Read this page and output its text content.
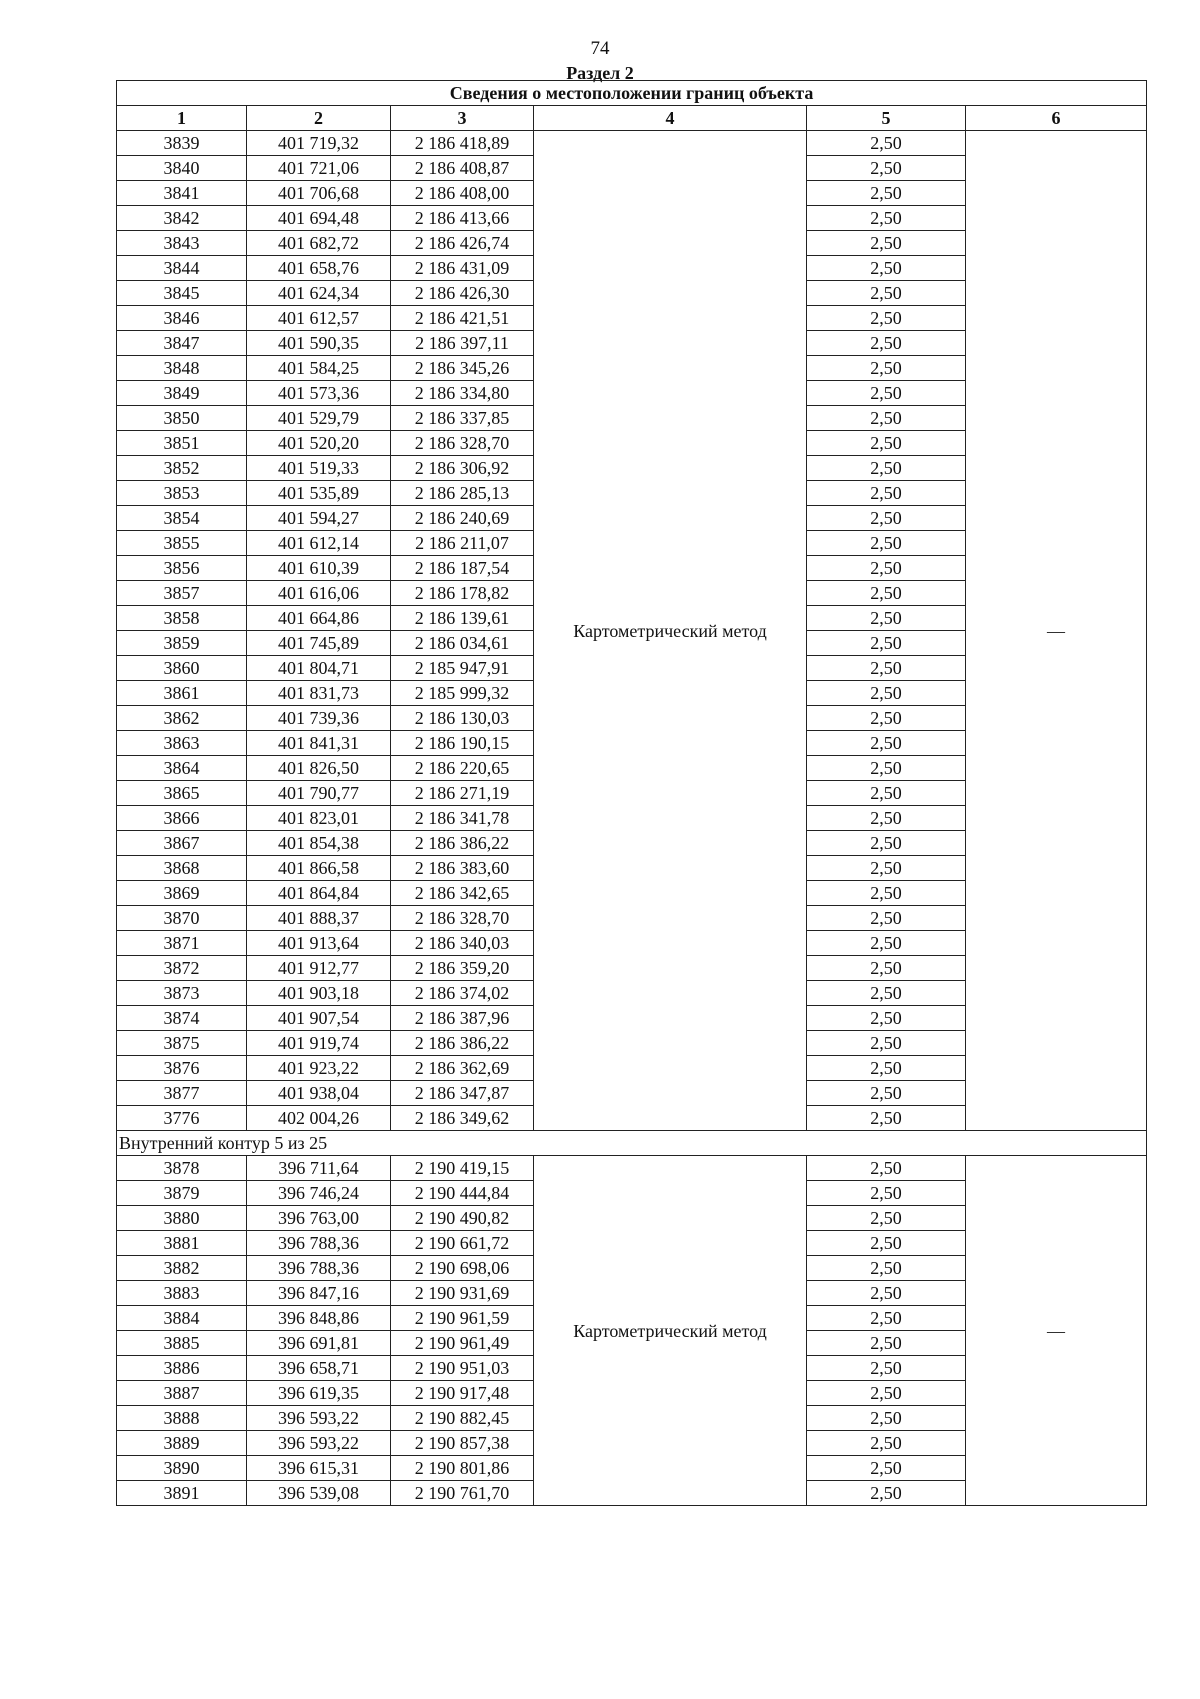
74
Раздел 2
Сведения о местоположении границ объекта					
1	2	3	4	5	6
3839	401 719,32	2 186 418,89	Картометрический метод	2,50	—
3840	401 721,06	2 186 408,87		2,50	
3841	401 706,68	2 186 408,00		2,50	
3842	401 694,48	2 186 413,66		2,50	
3843	401 682,72	2 186 426,74		2,50	
3844	401 658,76	2 186 431,09		2,50	
3845	401 624,34	2 186 426,30		2,50	
3846	401 612,57	2 186 421,51		2,50	
3847	401 590,35	2 186 397,11		2,50	
3848	401 584,25	2 186 345,26		2,50	
3849	401 573,36	2 186 334,80		2,50	
3850	401 529,79	2 186 337,85		2,50	
3851	401 520,20	2 186 328,70		2,50	
3852	401 519,33	2 186 306,92		2,50	
3853	401 535,89	2 186 285,13		2,50	
3854	401 594,27	2 186 240,69		2,50	
3855	401 612,14	2 186 211,07		2,50	
3856	401 610,39	2 186 187,54		2,50	
3857	401 616,06	2 186 178,82		2,50	
3858	401 664,86	2 186 139,61		2,50	
3859	401 745,89	2 186 034,61		2,50	
3860	401 804,71	2 185 947,91		2,50	
3861	401 831,73	2 185 999,32		2,50	
3862	401 739,36	2 186 130,03		2,50	
3863	401 841,31	2 186 190,15		2,50	
3864	401 826,50	2 186 220,65		2,50	
3865	401 790,77	2 186 271,19		2,50	
3866	401 823,01	2 186 341,78		2,50	
3867	401 854,38	2 186 386,22		2,50	
3868	401 866,58	2 186 383,60		2,50	
3869	401 864,84	2 186 342,65		2,50	
3870	401 888,37	2 186 328,70		2,50	
3871	401 913,64	2 186 340,03		2,50	
3872	401 912,77	2 186 359,20		2,50	
3873	401 903,18	2 186 374,02		2,50	
3874	401 907,54	2 186 387,96		2,50	
3875	401 919,74	2 186 386,22		2,50	
3876	401 923,22	2 186 362,69		2,50	
3877	401 938,04	2 186 347,87		2,50	
3776	402 004,26	2 186 349,62		2,50	
Внутренний контур 5 из 25					
3878	396 711,64	2 190 419,15	Картометрический метод	2,50	—
3879	396 746,24	2 190 444,84		2,50	
3880	396 763,00	2 190 490,82		2,50	
3881	396 788,36	2 190 661,72		2,50	
3882	396 788,36	2 190 698,06		2,50	
3883	396 847,16	2 190 931,69		2,50	
3884	396 848,86	2 190 961,59		2,50	
3885	396 691,81	2 190 961,49		2,50	
3886	396 658,71	2 190 951,03		2,50	
3887	396 619,35	2 190 917,48		2,50	
3888	396 593,22	2 190 882,45		2,50	
3889	396 593,22	2 190 857,38		2,50	
3890	396 615,31	2 190 801,86		2,50	
3891	396 539,08	2 190 761,70		2,50	
